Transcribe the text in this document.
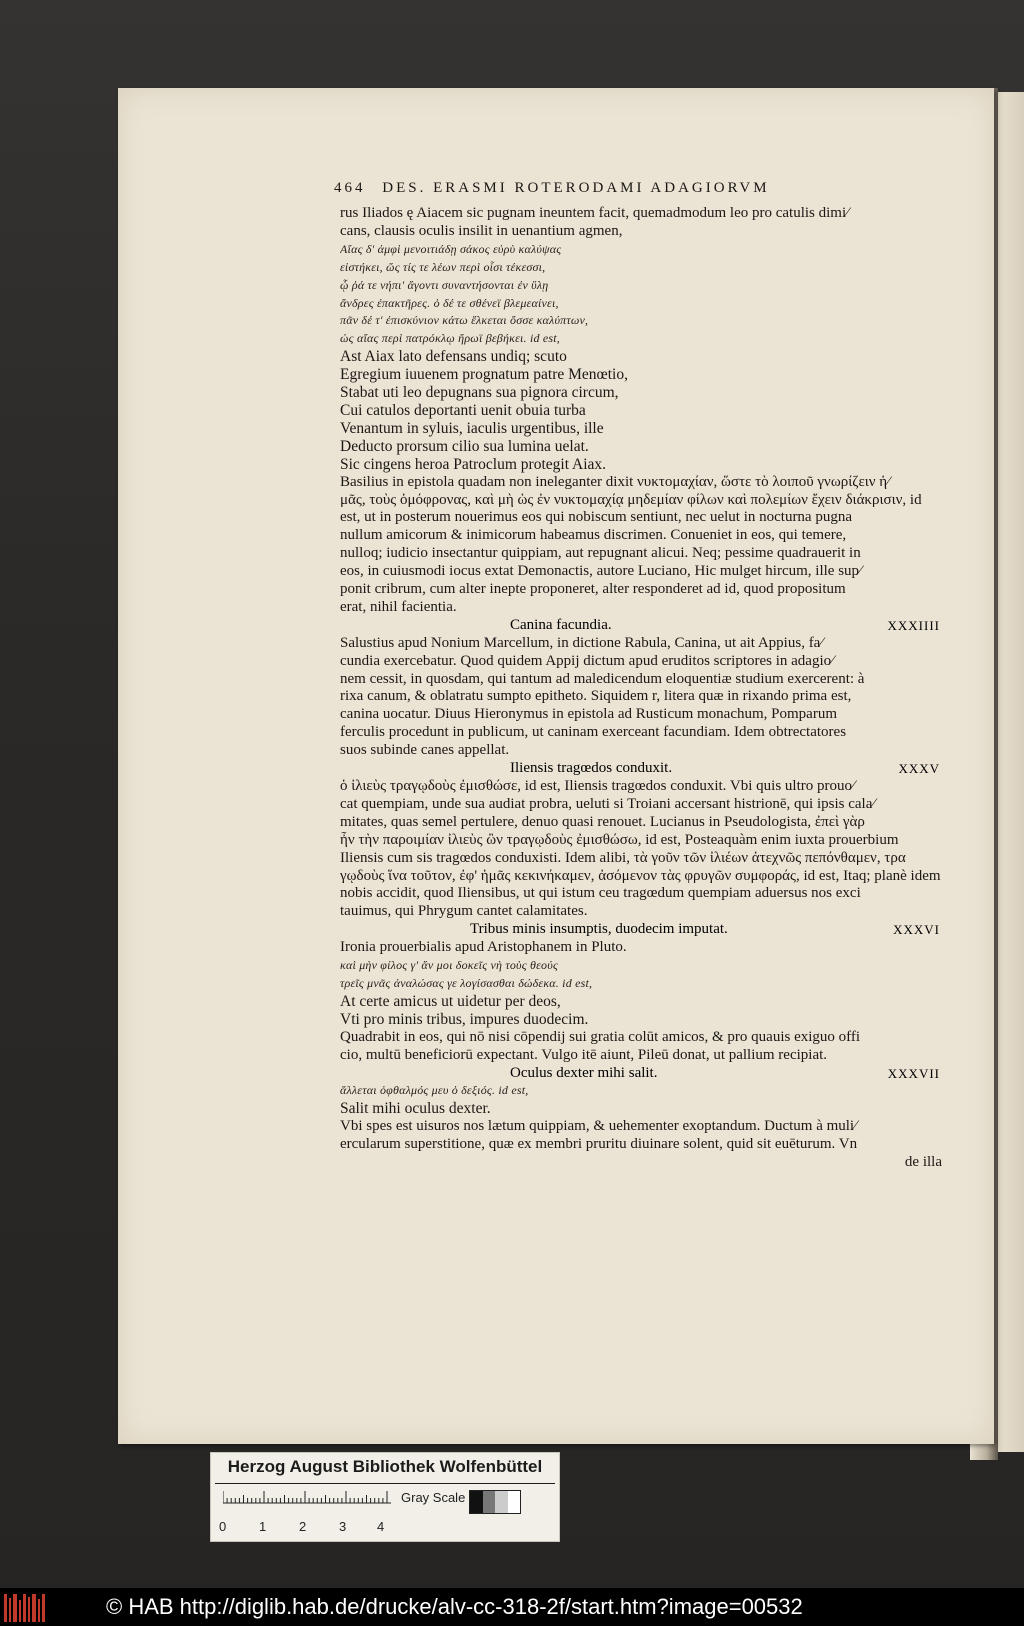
464 DES. ERASMI ROTERODAMI ADAGIORVM
rus Iliados ę Aiacem sic pugnam ineuntem facit, quemadmodum leo pro catulis dimi⁄
cans, clausis oculis insilit in uenantium agmen,
Αἴας δ' ἀμφὶ μενοιτιάδῃ σάκος εὐρὺ καλύψας
εἱστήκει, ὥς τίς τε λέων περὶ οἷσι τέκεσσι,
ᾧ ῥά τε νήπι' ἄγοντι συναντήσονται ἐν ὕλῃ
ἄνδρες ἐπακτῆρες. ὁ δέ τε σθένεϊ βλεμεαίνει,
πᾶν δέ τ' ἐπισκύνιον κάτω ἕλκεται ὄσσε καλύπτων,
ὡς αἴας περὶ πατρόκλῳ ἥρωϊ βεβήκει. id est,
Ast Aiax lato defensans undiq; scuto
Egregium iuuenem prognatum patre Menœtio,
Stabat uti leo depugnans sua pignora circum,
Cui catulos deportanti uenit obuia turba
Venantum in syluis, iaculis urgentibus, ille
Deducto prorsum cilio sua lumina uelat.
Sic cingens heroa Patroclum protegit Aiax.
Basilius in epistola quadam non ineleganter dixit νυκτομαχίαν, ὥστε τὸ λοιποῦ γνωρίζειν ἡ⁄
μᾶς, τοὺς ὁμόφρονας, καὶ μὴ ὡς ἐν νυκτομαχίᾳ μηδεμίαν φίλων καὶ πολεμίων ἔχειν διάκρισιν, id
est, ut in posterum nouerimus eos qui nobiscum sentiunt, nec uelut in nocturna pugna
nullum amicorum & inimicorum habeamus discrimen. Conueniet in eos, qui temere,
nulloq; iudicio insectantur quippiam, aut repugnant alicui. Neq; pessime quadrauerit in
eos, in cuiusmodi iocus extat Demonactis, autore Luciano, Hic mulget hircum, ille sup⁄
ponit cribrum, cum alter inepte proponeret, alter responderet ad id, quod propositum
erat, nihil facientia.
Canina facundia.	XXXIIII
Salustius apud Nonium Marcellum, in dictione Rabula, Canina, ut ait Appius, fa⁄
cundia exercebatur. Quod quidem Appij dictum apud eruditos scriptores in adagio⁄
nem cessit, in quosdam, qui tantum ad maledicendum eloquentiæ studium exercerent: à
rixa canum, & oblatratu sumpto epitheto. Siquidem r, litera quæ in rixando prima est,
canina uocatur. Diuus Hieronymus in epistola ad Rusticum monachum, Pomparum
ferculis procedunt in publicum, ut caninam exerceant facundiam. Idem obtrectatores
suos subinde canes appellat.
Iliensis tragœdos conduxit.	XXXV
ὁ ἰλιεὺς τραγῳδοὺς ἐμισθώσε, id est, Iliensis tragœdos conduxit. Vbi quis ultro prouo⁄
cat quempiam, unde sua audiat probra, ueluti si Troiani accersant histrionē, qui ipsis cala⁄
mitates, quas semel pertulere, denuo quasi renouet. Lucianus in Pseudologista, ἐπεὶ γὰρ
ἦν τὴν παροιμίαν ἰλιεὺς ὢν τραγῳδοὺς ἐμισθώσω, id est, Posteaquàm enim iuxta prouerbium
Iliensis cum sis tragœdos conduxisti. Idem alibi, τὰ γοῦν τῶν ἰλιέων ἀτεχνῶς πεπόνθαμεν, τρα
γῳδοὺς ἵνα τοῦτον, ἐφ' ἡμᾶς κεκινήκαμεν, ἀσόμενον τὰς φρυγῶν συμφοράς, id est, Itaq; planè idem
nobis accidit, quod Iliensibus, ut qui istum ceu tragœdum quempiam aduersus nos exci
tauimus, qui Phrygum cantet calamitates.
Tribus minis insumptis, duodecim imputat.	XXXVI
Ironia prouerbialis apud Aristophanem in Pluto.
καὶ μὴν φίλος γ' ἄν μοι δοκεῖς νὴ τοὺς θεούς
τρεῖς μνᾶς ἀναλώσας γε λογίσασθαι δώδεκα. id est,
At certe amicus ut uidetur per deos,
Vti pro minis tribus, impures duodecim.
Quadrabit in eos, qui nō nisi cōpendij sui gratia colūt amicos, & pro quauis exiguo offi
cio, multū beneficiorū expectant. Vulgo itē aiunt, Pileū donat, ut pallium recipiat.
Oculus dexter mihi salit.	XXXVII
ἅλλεται ὀφθαλμός μευ ὁ δεξιός. id est,
Salit mihi oculus dexter.
Vbi spes est uisuros nos lætum quippiam, & uehementer exoptandum. Ductum à muli⁄
ercularum superstitione, quæ ex membri pruritu diuinare solent, quid sit euēturum. Vn
de illa
Herzog August Bibliothek Wolfenbüttel
0	1	2	3 4
Gray Scale
© HAB http://diglib.hab.de/drucke/alv-cc-318-2f/start.htm?image=00532
